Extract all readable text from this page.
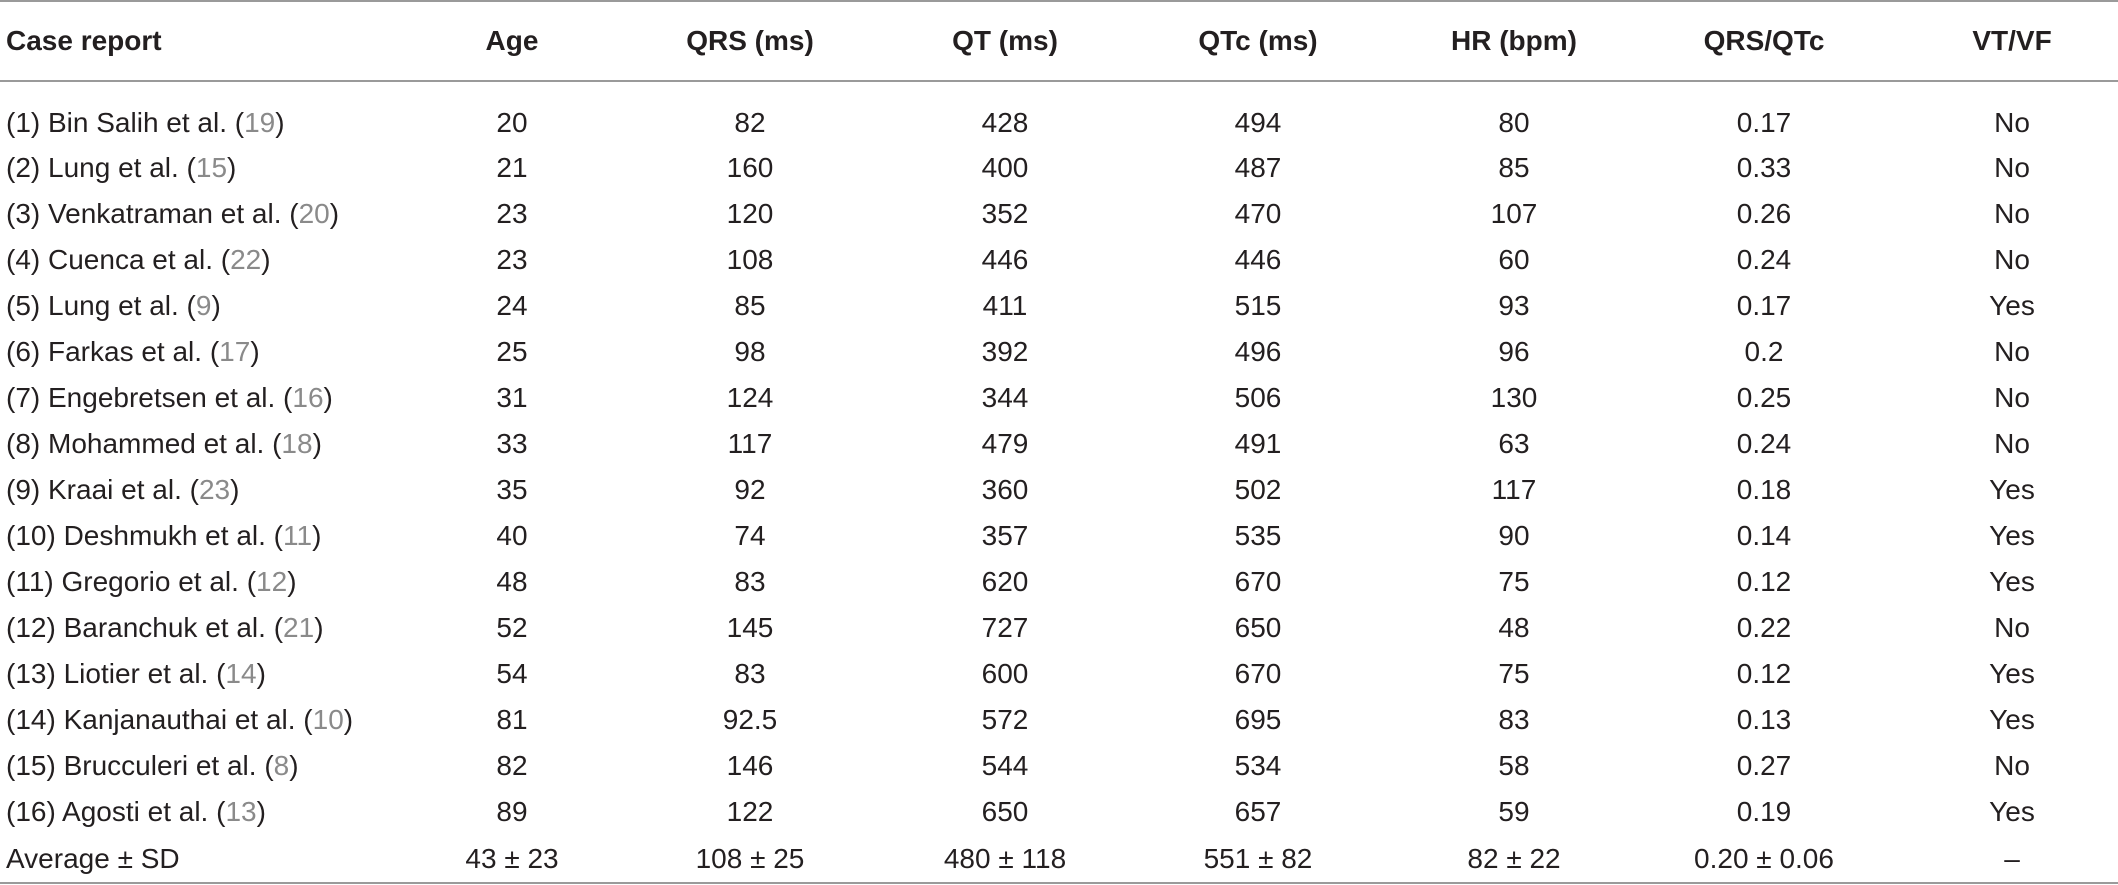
Case report	Age	QRS (ms)	QT (ms)	QTc (ms)	HR (bpm)	QRS/QTc	VT/VF
(1) Bin Salih et al. (19)	20	82	428	494	80	0.17	No
(2) Lung et al. (15)	21	160	400	487	85	0.33	No
(3) Venkatraman et al. (20)	23	120	352	470	107	0.26	No
(4) Cuenca et al. (22)	23	108	446	446	60	0.24	No
(5) Lung et al. (9)	24	85	411	515	93	0.17	Yes
(6) Farkas et al. (17)	25	98	392	496	96	0.2	No
(7) Engebretsen et al. (16)	31	124	344	506	130	0.25	No
(8) Mohammed et al. (18)	33	117	479	491	63	0.24	No
(9) Kraai et al. (23)	35	92	360	502	117	0.18	Yes
(10) Deshmukh et al. (11)	40	74	357	535	90	0.14	Yes
(11) Gregorio et al. (12)	48	83	620	670	75	0.12	Yes
(12) Baranchuk et al. (21)	52	145	727	650	48	0.22	No
(13) Liotier et al. (14)	54	83	600	670	75	0.12	Yes
(14) Kanjanauthai et al. (10)	81	92.5	572	695	83	0.13	Yes
(15) Brucculeri et al. (8)	82	146	544	534	58	0.27	No
(16) Agosti et al. (13)	89	122	650	657	59	0.19	Yes
Average ± SD	43 ± 23	108 ± 25	480 ± 118	551 ± 82	82 ± 22	0.20 ± 0.06	–
